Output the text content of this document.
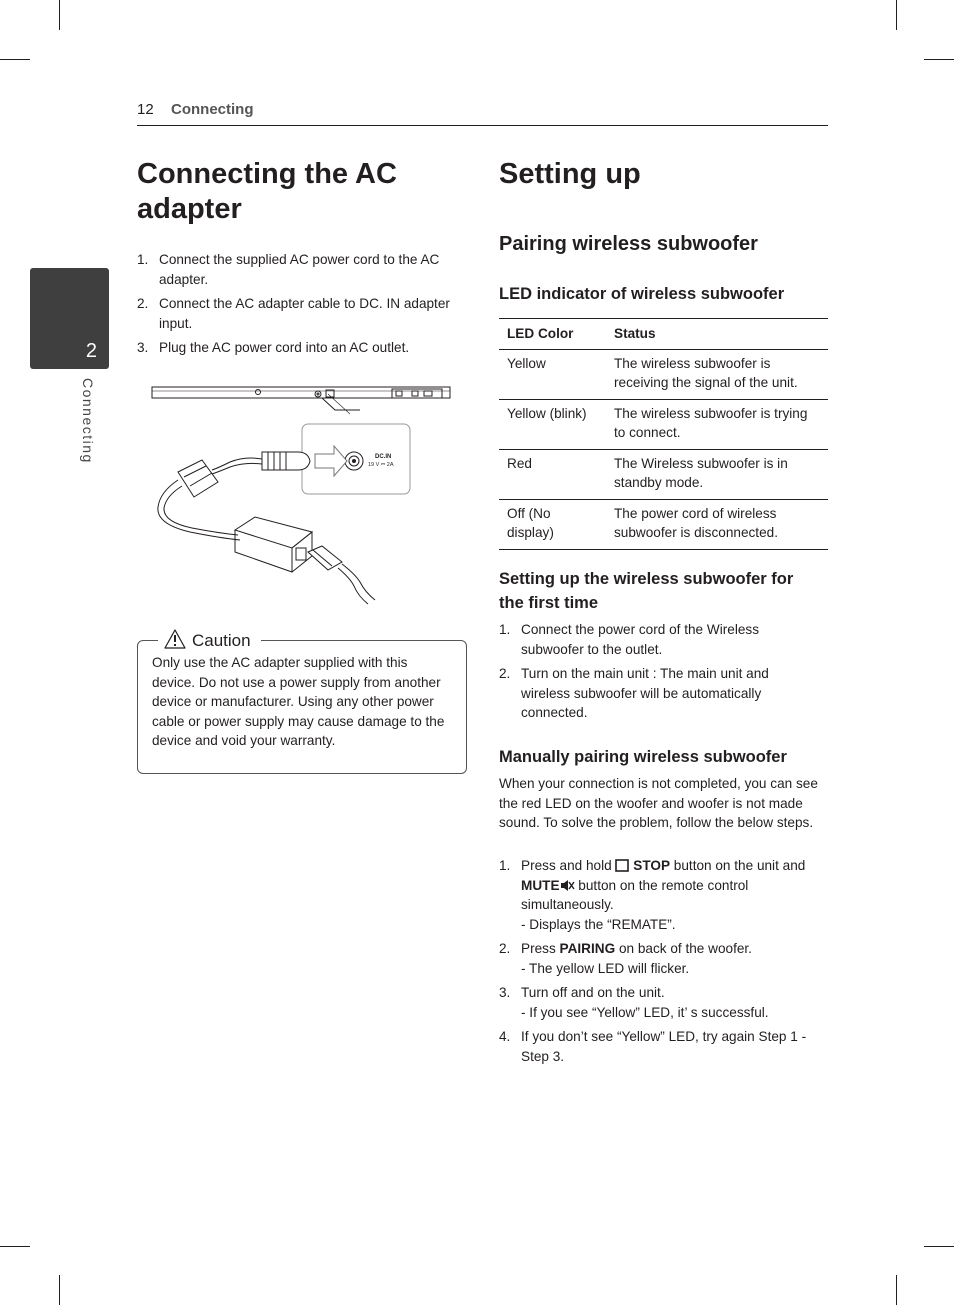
12 Connecting
2
Connecting
Connecting the AC adapter
1. Connect the supplied AC power cord to the AC adapter.
2. Connect the AC adapter cable to DC. IN adapter input.
3. Plug the AC power cord into an AC outlet.
DC.IN
19 V ⎓ 2A
Caution
Only use the AC adapter supplied with this device. Do not use a power supply from another device or manufacturer. Using any other power cable or power supply may cause damage to the device and void your warranty.
Setting up
Pairing wireless subwoofer
LED indicator of wireless subwoofer
LED Color	Status
Yellow	The wireless subwoofer is receiving the signal of the unit.
Yellow (blink)	The wireless subwoofer is trying to connect.
Red	The Wireless subwoofer is in standby mode.
Off (No display)	The power cord of wireless subwoofer is disconnected.
Setting up the wireless subwoofer for the first time
1. Connect the power cord of the Wireless subwoofer to the outlet.
2. Turn on the main unit : The main unit and wireless subwoofer will be automatically connected.
Manually pairing wireless subwoofer

When your connection is not completed, you can see the red LED on the woofer and woofer is not made sound. To solve the problem, follow the below steps.

1. Press and hold STOP button on the unit and MUTE button on the remote control simultaneously.
- Displays the “REMATE”.
2. Press PAIRING on back of the woofer.
- The yellow LED will flicker.
3. Turn off and on the unit.
- If you see “Yellow” LED, it’ s successful.
4. If you don’t see “Yellow” LED, try again Step 1 - Step 3.
